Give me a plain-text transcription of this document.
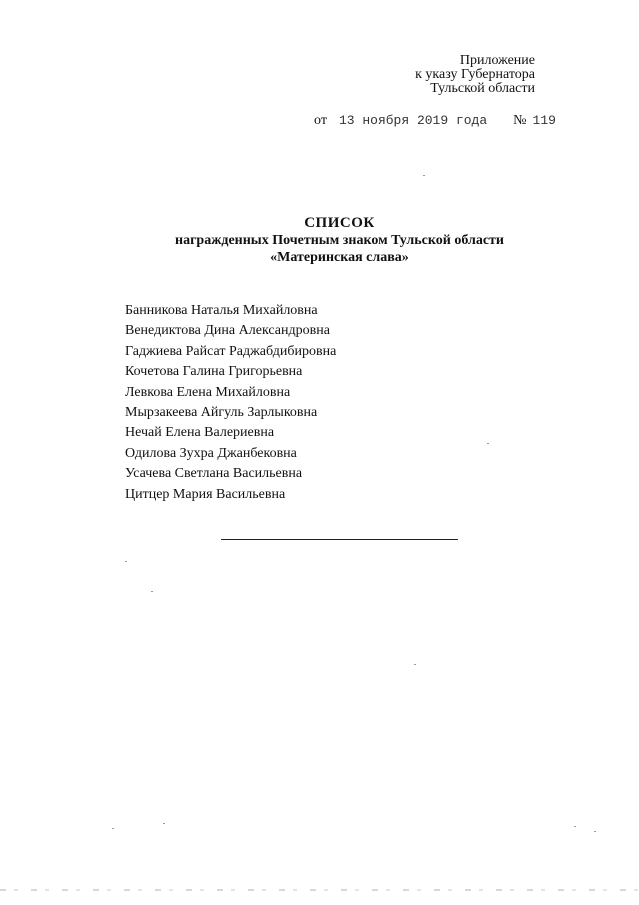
Приложение
к указу Губернатора
Тульской области
от 13 ноября 2019 года № 119
СПИСОК
награжденных Почетным знаком Тульской области
«Материнская слава»
Банникова Наталья Михайловна
Венедиктова Дина Александровна
Гаджиева Райсат Раджабдибировна
Кочетова Галина Григорьевна
Левкова Елена Михайловна
Мырзакеева Айгуль Зарлыковна
Нечай Елена Валериевна
Одилова Зухра Джанбековна
Усачева Светлана Васильевна
Цитцер Мария Васильевна
